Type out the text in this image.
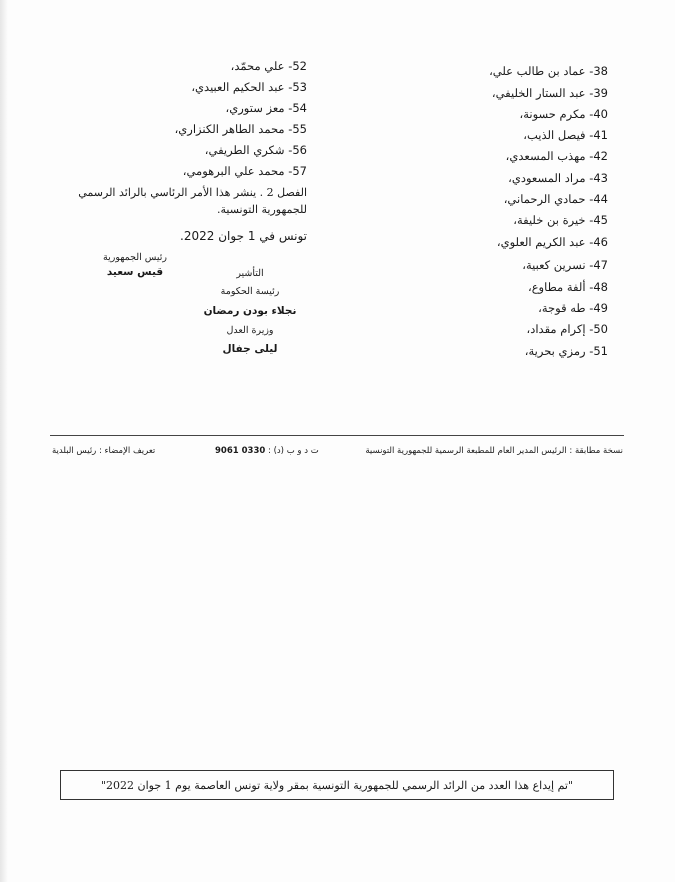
38- عماد بن طالب علي،
39- عبد الستار الخليفي،
40- مكرم حسونة،
41- فيصل الذيب،
42- مهذب المسعدي،
43- مراد المسعودي،
44- حمادي الرحماني،
45- خيرة بن خليفة،
46- عبد الكريم العلوي،
47- نسرين كعبية،
48- ألفة مطاوع،
49- طه قوجة،
50- إكرام مقداد،
51- رمزي بحرية،
52- علي محمّد،
53- عبد الحكيم العبيدي،
54- معز ستوري،
55- محمد الطاهر الكنزاري،
56- شكري الطريفي،
57- محمد علي البرهومي،
الفصل 2 . ينشر هذا الأمر الرئاسي بالرائد الرسمي للجمهورية التونسية.
تونس في 1 جوان 2022.
رئيس الجمهورية
قيس سعيد	التأشير
رئيسة الحكومة
نجلاء بودن رمضان
وزيرة العدل
ليلى جفال
نسخة مطابقة : الرئيس المدير العام للمطبعة الرسمية للجمهورية التونسية
ت د و ب (د) : 0330 9061
تعريف الإمضاء : رئيس البلدية
"تم إيداع هذا العدد من الرائد الرسمي للجمهورية التونسية بمقر ولاية تونس العاصمة يوم 1 جوان 2022"
